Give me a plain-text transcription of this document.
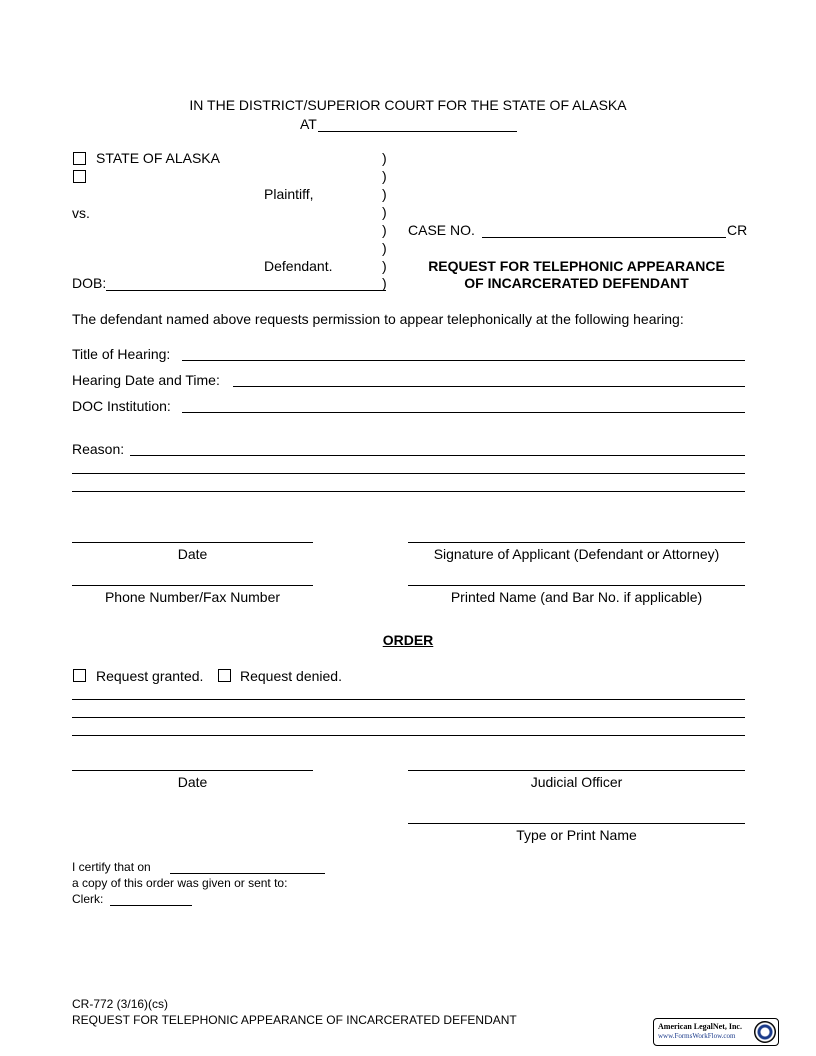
IN THE DISTRICT/SUPERIOR COURT FOR THE STATE OF ALASKA
AT
STATE OF ALASKA
Plaintiff,
vs.
Defendant.
DOB:
)
)
)
)
)
)
)
)
CASE NO.	CR
REQUEST FOR TELEPHONIC APPEARANCE
OF INCARCERATED DEFENDANT
The defendant named above requests permission to appear telephonically at the following hearing:
Title of Hearing:
Hearing Date and Time:
DOC Institution:
Reason:
Date	Signature of Applicant (Defendant or Attorney)
Phone Number/Fax Number	Printed Name (and Bar No. if applicable)
ORDER
Request granted.	Request denied.
Date	Judicial Officer
Type or Print Name
I certify that on
a copy of this order was given or sent to:
Clerk:
CR-772 (3/16)(cs)
REQUEST FOR TELEPHONIC APPEARANCE OF INCARCERATED DEFENDANT	American LegalNet, Inc.
www.FormsWorkFlow.com
